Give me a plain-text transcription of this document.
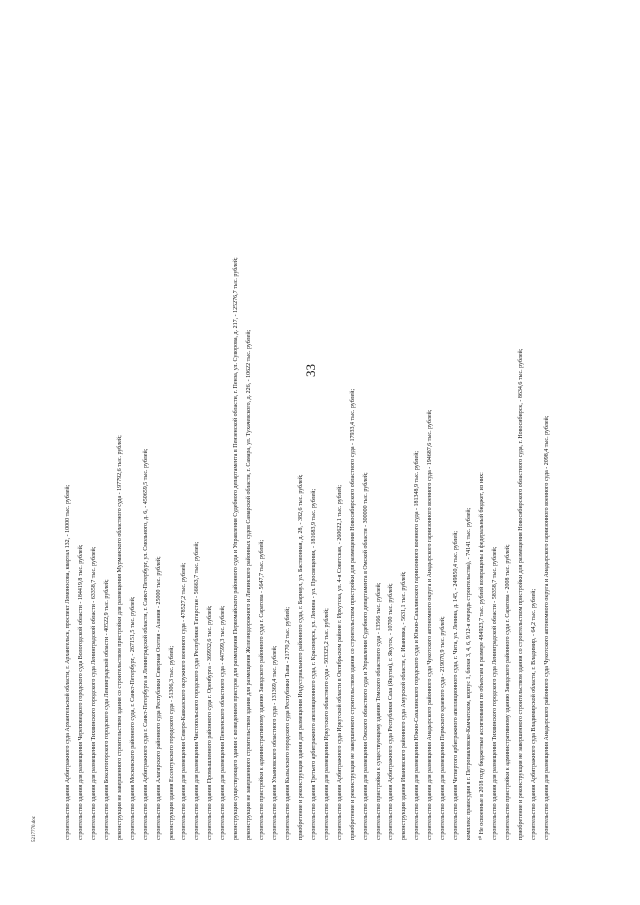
33
строительство здания Арбитражного суда Архангельской области, г. Архангельск, проспект Ломоносова, квартал 132, - 10000 тыс. рублей;	строительство здания для размещения Череповецкого городского суда Вологодской области - 184419,8 тыс. рублей;	строительство здания для размещения Тихвинского городского суда Ленинградской области - 63358,7 тыс. рублей;	строительство здания Бокситогорского городского суда Ленинградской области - 40522,9 тыс. рублей;	реконструкция не завершенного строительством здания со строительством пристройки для размещения Мурманского областного суда - 197792,6 тыс. рублей;	строительство здания Московского районного суда, г. Санкт-Петербург, - 267151,5 тыс. рублей;	строительство здания Арбитражного суда г. Санкт-Петербурга и Ленинградской области, г. Санкт-Петербург, ул. Смольного, д. 6, - 450659,5 тыс. рублей;	строительство здания Алагирского районного суда Республики Северная Осетия - Алания - 25000 тыс. рублей;	реконструкция здания Ессентукского городского суда - 51306,3 тыс. рублей;	строительство здания для размещения Северо-Кавказского окружного военного суда - 478527,2 тыс. рублей;	строительство здания для размещения Чистопольского городского суда Республики Татарстан - 56663,7 тыс. рублей;	строительство здания Промышленного районного суда г. Оренбурга - 369932,6 тыс. рублей;	строительство здания для размещения Пензенского областного суда - 447599,3 тыс. рублей;	реконструкция существующего здания с возведением пристроя для размещения Первомайского районного суда и Управления Судебного департамента в Пензенской области, г. Пенза, ул. Суворова, д. 217, - 125276,7 тыс. рублей;	реконструкция не завершенного строительством здания для размещения Железнодорожного и Ленинского районных судов Самарской области, г. Самара, ул. Тухачевского, д. 226, - 10622 тыс. рублей;	строительство пристройки к административному зданию Заводского районного суда г. Саратова - 5647,7 тыс. рублей;	строительство здания Ульяновского областного суда - 131369,4 тыс. рублей;	строительство здания Кызылского городского суда Республики Тыва - 21770,2 тыс. рублей;	приобретение и реконструкция здания для размещения Индустриального районного суда, г. Барнаул, ул. Бастионная, д. 28, - 382,6 тыс. рублей;	строительство здания Третьего арбитражного апелляционного суда, г. Красноярск, ул. Ленина - ул. Просвещения, - 181683,9 тыс. рублей;	строительство здания для размещения Иркутского областного суда - 503325,2 тыс. рублей;	строительство здания Арбитражного суда Иркутской области в Октябрьском районе г. Иркутска, ул. 4-я Советская, - 260622,1 тыс. рублей;	приобретение и реконструкция не завершенного строительством здания со строительством пристройки для размещения Новосибирского областного суда - 17933,4 тыс. рублей;	строительство здания для размещения Омского областного суда и Управления Судебного департамента в Омской области - 300000 тыс. рублей;	строительство пристройки к существующему зданию Томского областного суда - 13566 тыс. рублей;	строительство здания Арбитражного суда Республики Саха (Якутия), г. Якутск, - 10700 тыс. рублей;	реконструкция здания Ивановского районного суда Амурской области, с. Ивановка, - 5631,1 тыс. рублей;	строительство здания для размещения Южно-Сахалинского городского суда и Южно-Сахалинского гарнизонного военного суда - 181348,9 тыс. рублей;	строительство здания для размещения Анадырского районного суда Чукотского автономного округа и Анадырского гарнизонного военного суда - 194687,6 тыс. рублей;	строительство здания для размещения Пермского краевого суда - 219070,9 тыс. рублей;	строительство здания Четвертого арбитражного апелляционного суда, г. Чита, ул. Ленина, д. 145, - 249850,4 тыс. рублей;	комплекс правосудия в г. Петропавловске-Камчатском, корпус 1, блоки 3, 4, 6, 9/12-я очередь строительства), - 74141 тыс. рублей;	¹⁰ Не освоенные в 2018 году бюджетные ассигнования по объектам в размере 484923,7 тыс. рублей возвращены в федеральный бюджет, из них:	строительство здания для размещения Тихвинского городского суда Ленинградской области - 58358,7 тыс. рублей;	строительство пристройки к административному зданию Заводского районного суда г. Саратова - 2008 тыс. рублей;	приобретение и реконструкция не завершенного строительством здания со строительством пристройки для размещения Новосибирского областного суда, г. Новосибирск, - 8634,6 тыс. рублей;	строительство здания Арбитражного суда Владимирской области, г. Владимир, - 64,2 тыс. рублей;	строительство здания для размещения Анадырского районного суда Чукотского автономного округа и Анадырского гарнизонного военного суда - 2098,4 тыс. рублей;
5217770.doc
